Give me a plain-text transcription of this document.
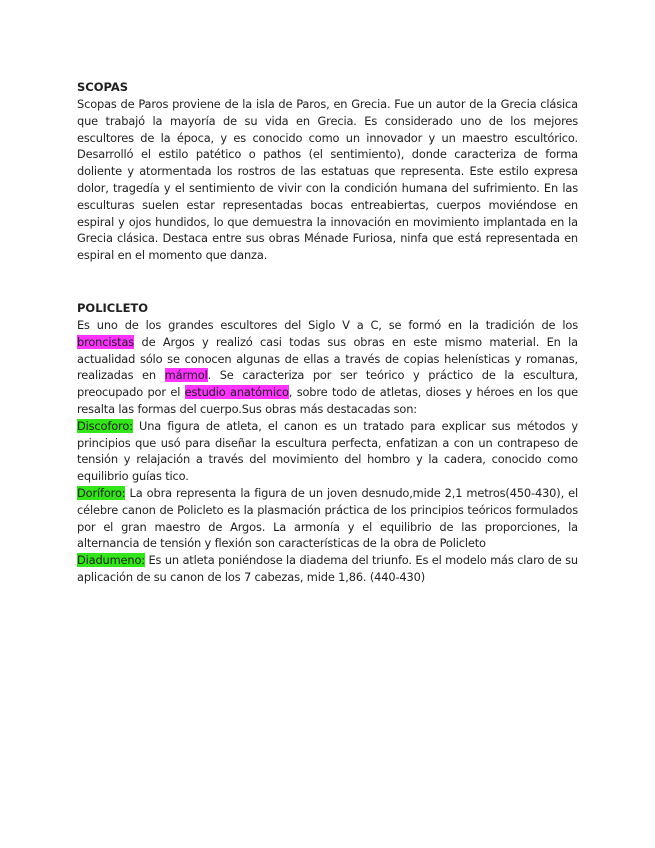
SCOPAS

Scopas de Paros proviene de la isla de Paros, en Grecia. Fue un autor de la Grecia clásica que trabajó la mayoría de su vida en Grecia. Es considerado uno de los mejores escultores de la época, y es conocido como un innovador y un maestro escultórico. Desarrolló el estilo patético o pathos (el sentimiento), donde caracteriza de forma doliente y atormentada los rostros de las estatuas que representa. Este estilo expresa dolor, tragedía y el sentimiento de vivir con la condición humana del sufrimiento. En las esculturas suelen estar representadas bocas entreabiertas, cuerpos moviéndose en espiral y ojos hundidos, lo que demuestra la innovación en movimiento implantada en la Grecia clásica. Destaca entre sus obras Ménade Furiosa, ninfa que está representada en espiral en el momento que danza.

POLICLETO

Es uno de los grandes escultores del Siglo V a C, se formó en la tradición de los broncistas de Argos y realizó casi todas sus obras en este mismo material. En la actualidad sólo se conocen algunas de ellas a través de copias helenísticas y romanas, realizadas en mármol. Se caracteriza por ser teórico y práctico de la escultura, preocupado por el estudio anatómico, sobre todo de atletas, dioses y héroes en los que resalta las formas del cuerpo.Sus obras más destacadas son:

Discoforo: Una figura de atleta, el canon es un tratado para explicar sus métodos y principios que usó para diseñar la escultura perfecta, enfatizan a con un contrapeso de tensión y relajación a través del movimiento del hombro y la cadera, conocido como equilibrio guías tico.

Doríforo: La obra representa la figura de un joven desnudo,mide 2,1 metros(450-430), el célebre canon de Policleto es la plasmación práctica de los principios teóricos formulados por el gran maestro de Argos. La armonía y el equilibrio de las proporciones, la alternancia de tensión y flexión son características de la obra de Policleto

Diadumeno: Es un atleta poniéndose la diadema del triunfo. Es el modelo más claro de su aplicación de su canon de los 7 cabezas, mide 1,86. (440-430)
